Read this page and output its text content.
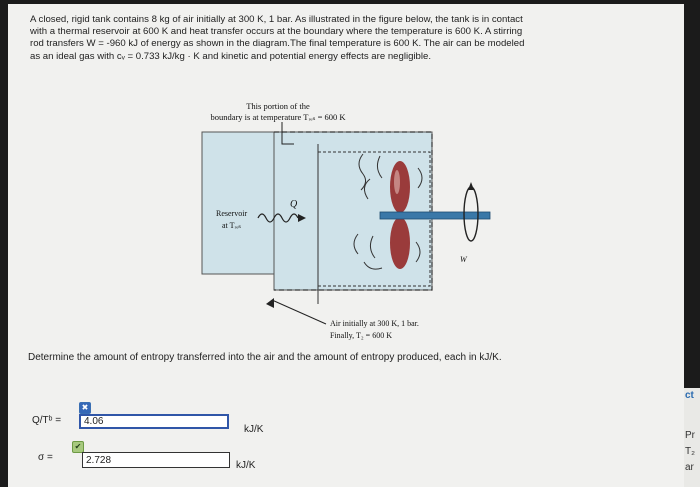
A closed, rigid tank contains 8 kg of air initially at 300 K, 1 bar. As illustrated in the figure below, the tank is in contact
with a thermal reservoir at 600 K and heat transfer occurs at the boundary where the temperature is 600 K. A stirring
rod transfers W = -960 kJ of energy as shown in the diagram.The final temperature is 600 K. The air can be modeled
as an ideal gas with cᵥ = 0.733 kJ/kg · K and kinetic and potential energy effects are negligible.
This portion of the
boundary is at temperature Tᵣₑₛ = 600 K
Reservoir
at Tᵣₑₛ
Q
W
Air initially at 300 K, 1 bar.
Finally, T₂ = 600 K
Determine the amount of entropy transferred into the air and the amount of entropy produced, each in kJ/K.
Q/Tᵇ =
✖
4.06
kJ/K
σ =
✔
2.728	kJ/K
ct
Pr
T₂
ar
